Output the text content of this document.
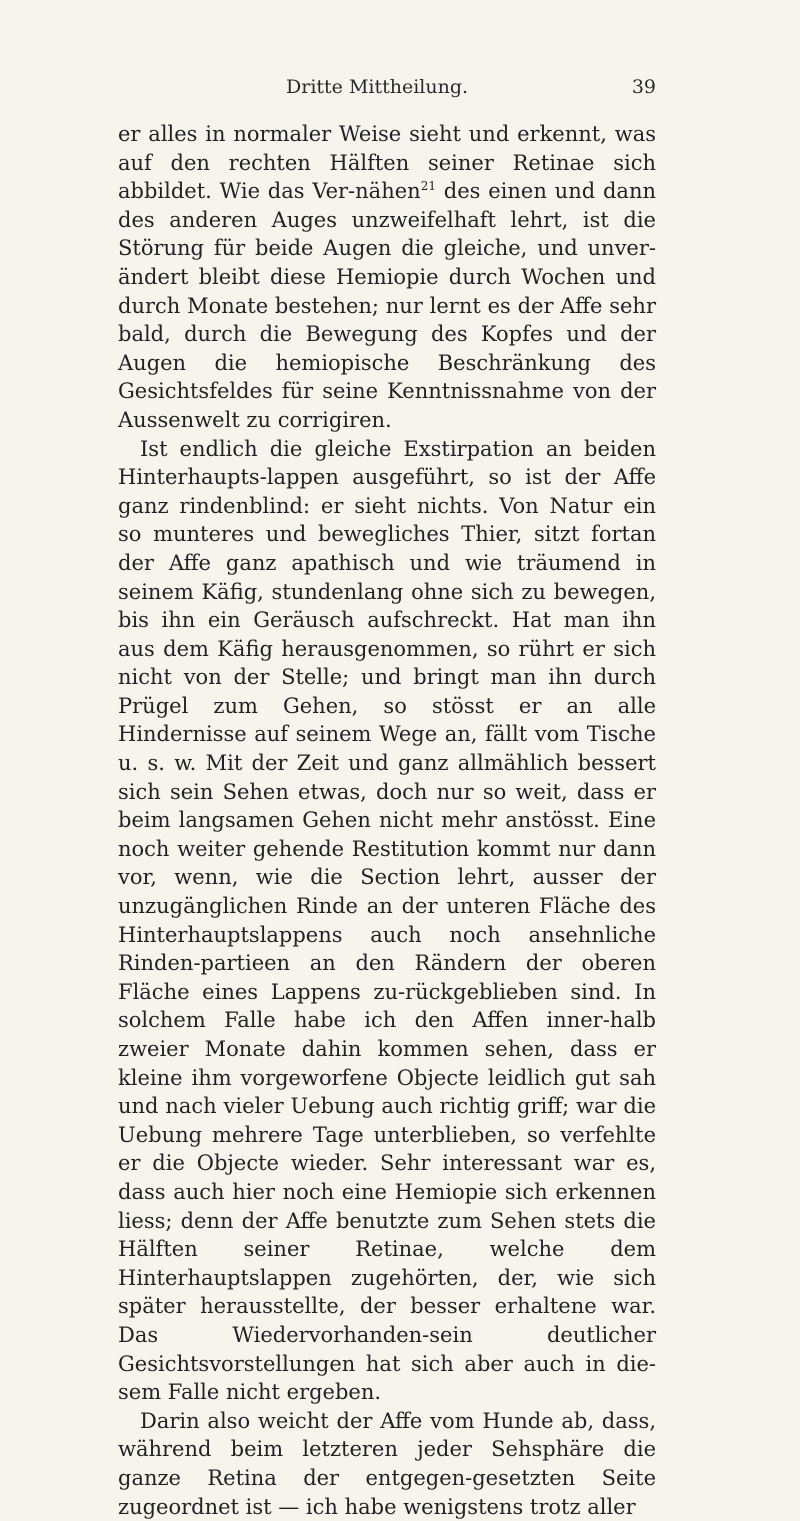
Dritte Mittheilung.	39

er alles in normaler Weise sieht und erkennt, was auf den rechten Hälften seiner Retinae sich abbildet. Wie das Ver-nähen$^{21}$ des einen und dann des anderen Auges unzweifelhaft lehrt, ist die Störung für beide Augen die gleiche, und unver-ändert bleibt diese Hemiopie durch Wochen und durch Monate bestehen; nur lernt es der Affe sehr bald, durch die Bewegung des Kopfes und der Augen die hemiopische Beschränkung des Gesichtsfeldes für seine Kenntnissnahme von der Aussenwelt zu corrigiren.

Ist endlich die gleiche Exstirpation an beiden Hinterhaupts-lappen ausgeführt, so ist der Affe ganz rindenblind: er sieht nichts. Von Natur ein so munteres und bewegliches Thier, sitzt fortan der Affe ganz apathisch und wie träumend in seinem Käfig, stundenlang ohne sich zu bewegen, bis ihn ein Geräusch aufschreckt. Hat man ihn aus dem Käfig herausgenommen, so rührt er sich nicht von der Stelle; und bringt man ihn durch Prügel zum Gehen, so stösst er an alle Hindernisse auf seinem Wege an, fällt vom Tische u. s. w. Mit der Zeit und ganz allmählich bessert sich sein Sehen etwas, doch nur so weit, dass er beim langsamen Gehen nicht mehr anstösst. Eine noch weiter gehende Restitution kommt nur dann vor, wenn, wie die Section lehrt, ausser der unzugänglichen Rinde an der unteren Fläche des Hinterhauptslappens auch noch ansehnliche Rinden-partieen an den Rändern der oberen Fläche eines Lappens zu-rückgeblieben sind. In solchem Falle habe ich den Affen inner-halb zweier Monate dahin kommen sehen, dass er kleine ihm vorgeworfene Objecte leidlich gut sah und nach vieler Uebung auch richtig griff; war die Uebung mehrere Tage unterblieben, so verfehlte er die Objecte wieder. Sehr interessant war es, dass auch hier noch eine Hemiopie sich erkennen liess; denn der Affe benutzte zum Sehen stets die Hälften seiner Retinae, welche dem Hinterhauptslappen zugehörten, der, wie sich später herausstellte, der besser erhaltene war. Das Wiedervorhanden-sein deutlicher Gesichtsvorstellungen hat sich aber auch in die-sem Falle nicht ergeben.

Darin also weicht der Affe vom Hunde ab, dass, während beim letzteren jeder Sehsphäre die ganze Retina der entgegen-gesetzten Seite zugeordnet ist — ich habe wenigstens trotz aller
